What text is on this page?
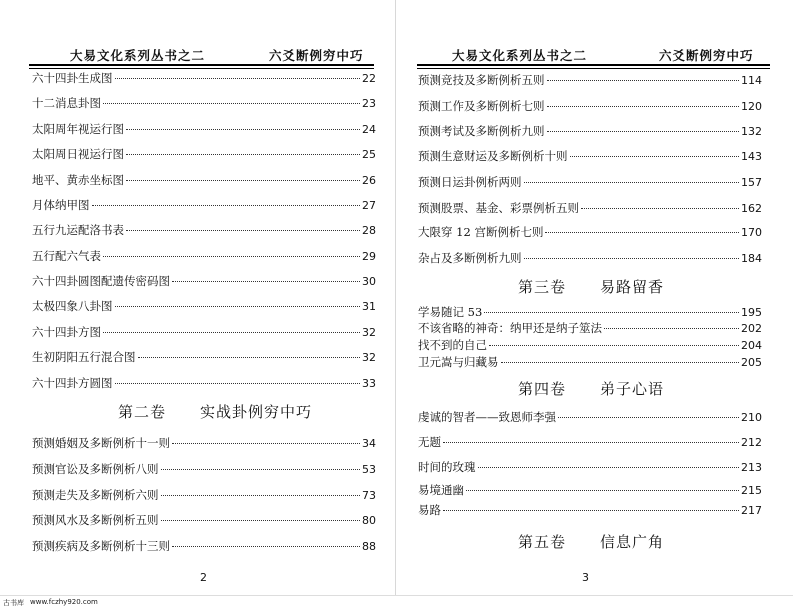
大易文化系列丛书之二	六爻断例穷中巧
六十四卦生成图	22
十二消息卦图	23
太阳周年视运行图	24
太阳周日视运行图	25
地平、黄赤坐标图	26
月体纳甲图	27
五行九运配洛书表	28
五行配六气表	29
六十四卦圆图配遗传密码图	30
太极四象八卦图	31
六十四卦方图	32
生初阴阳五行混合图	32
六十四卦方圆图	33
第二卷 实战卦例穷中巧
预测婚姻及多断例析十一则	34
预测官讼及多断例析八则	53
预测走失及多断例析六则	73
预测风水及多断例析五则	80
预测疾病及多断例析十三则	88
2
大易文化系列丛书之二	六爻断例穷中巧
预测竞技及多断例析五则	114
预测工作及多断例析七则	120
预测考试及多断例析九则	132
预测生意财运及多断例析十则	143
预测日运卦例析两则	157
预测股票、基金、彩票例析五则	162
大限穿 12 宫断例析七则	170
杂占及多断例析九则	184
第三卷 易路留香
学易随记 53	195
不该省略的神奇：纳甲还是纳子筮法	202
找不到的自己	204
卫元嵩与归藏易	205
第四卷 弟子心语
虔诚的智者——致恩师李强	210
无题	212
时间的玫瑰	213
易境通幽	215
易路	217
第五卷 信息广角
3
古书库 www.fczhy920.com
